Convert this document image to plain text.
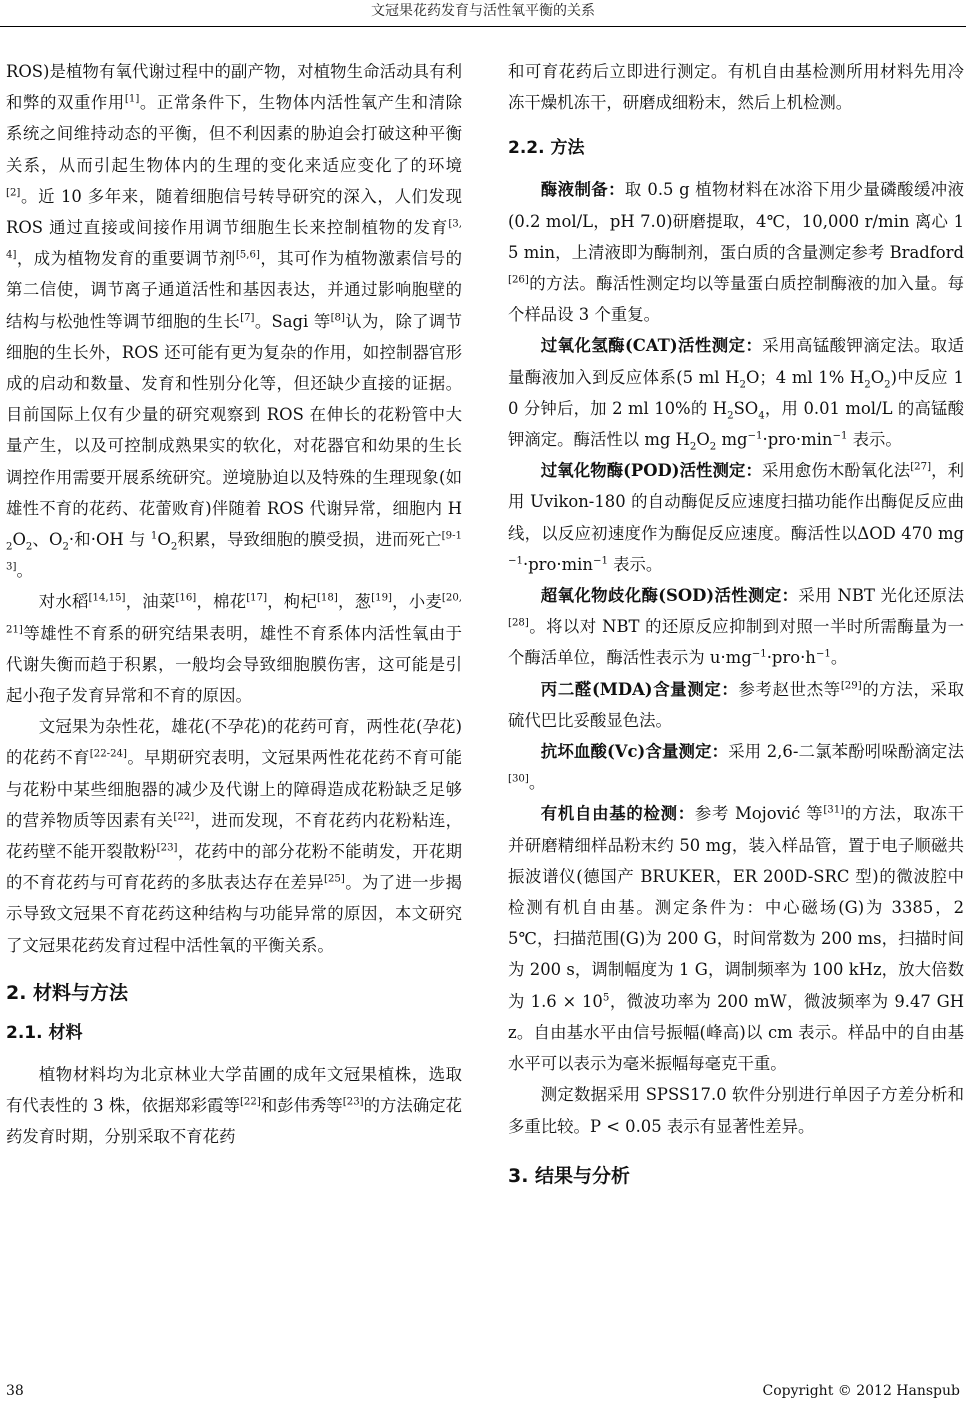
文冠果花药发育与活性氧平衡的关系

ROS)是植物有氧代谢过程中的副产物，对植物生命活动具有利和弊的双重作用[1]。正常条件下，生物体内活性氧产生和清除系统之间维持动态的平衡，但不利因素的胁迫会打破这种平衡关系，从而引起生物体内的生理的变化来适应变化了的环境[2]。近 10 多年来，随着细胞信号转导研究的深入，人们发现 ROS 通过直接或间接作用调节细胞生长来控制植物的发育[3,4]，成为植物发育的重要调节剂[5,6]，其可作为植物激素信号的第二信使，调节离子通道活性和基因表达，并通过影响胞壁的结构与松弛性等调节细胞的生长[7]。Sagi 等[8]认为，除了调节细胞的生长外，ROS 还可能有更为复杂的作用，如控制器官形成的启动和数量、发育和性别分化等，但还缺少直接的证据。目前国际上仅有少量的研究观察到 ROS 在伸长的花粉管中大量产生，以及可控制成熟果实的软化，对花器官和幼果的生长调控作用需要开展系统研究。逆境胁迫以及特殊的生理现象(如雄性不育的花药、花蕾败育)伴随着 ROS 代谢异常，细胞内 $H_2O_2$、$O_2\cdot$和·OH 与 $^1O_2$积累，导致细胞的膜受损，进而死亡[9-13]。

对水稻[14,15]，油菜[16]，棉花[17]，枸杞[18]，葱[19]，小麦[20,21]等雄性不育系的研究结果表明，雄性不育系体内活性氧由于代谢失衡而趋于积累，一般均会导致细胞膜伤害，这可能是引起小孢子发育异常和不育的原因。

文冠果为杂性花，雄花(不孕花)的花药可育，两性花(孕花)的花药不育[22-24]。早期研究表明，文冠果两性花花药不育可能与花粉中某些细胞器的减少及代谢上的障碍造成花粉缺乏足够的营养物质等因素有关[22]，进而发现，不育花药内花粉粘连，花药壁不能开裂散粉[23]，花药中的部分花粉不能萌发，开花期的不育花药与可育花药的多肽表达存在差异[25]。为了进一步揭示导致文冠果不育花药这种结构与功能异常的原因，本文研究了文冠果花药发育过程中活性氧的平衡关系。

2. 材料与方法
2.1. 材料

植物材料均为北京林业大学苗圃的成年文冠果植株，选取有代表性的 3 株，依据郑彩霞等[22]和彭伟秀等[23]的方法确定花药发育时期，分别采取不育花药

和可育花药后立即进行测定。有机自由基检测所用材料先用冷冻干燥机冻干，研磨成细粉末，然后上机检测。

2.2. 方法

酶液制备：取 0.5 g 植物材料在冰浴下用少量磷酸缓冲液(0.2 mol/L，pH 7.0)研磨提取，4℃，10,000 r/min 离心 15 min，上清液即为酶制剂，蛋白质的含量测定参考 Bradford[26]的方法。酶活性测定均以等量蛋白质控制酶液的加入量。每个样品设 3 个重复。

过氧化氢酶(CAT)活性测定：采用高锰酸钾滴定法。取适量酶液加入到反应体系(5 ml $H_2O$；4 ml 1% $H_2O_2$)中反应 10 分钟后，加 2 ml 10%的 $H_2SO_4$，用 0.01 mol/L 的高锰酸钾滴定。酶活性以 mg $H_2O_2$ $mg^{-1}\cdot pro\cdot\min^{-1}$ 表示。

过氧化物酶(POD)活性测定：采用愈伤木酚氧化法[27]，利用 Uvikon-180 的自动酶促反应速度扫描功能作出酶促反应曲线，以反应初速度作为酶促反应速度。酶活性以ΔOD 470 $mg^{-1}\cdot pro\cdot\min^{-1}$ 表示。

超氧化物歧化酶(SOD)活性测定：采用 NBT 光化还原法[28]。将以对 NBT 的还原反应抑制到对照一半时所需酶量为一个酶活单位，酶活性表示为 $u\cdot mg^{-1}\cdot pro\cdot h^{-1}$。

丙二醛(MDA)含量测定：参考赵世杰等[29]的方法，采取硫代巴比妥酸显色法。

抗坏血酸(Vc)含量测定：采用 2,6-二氯苯酚吲哚酚滴定法[30]。

有机自由基的检测：参考 Mojović 等[31]的方法，取冻干并研磨精细样品粉末约 50 mg，装入样品管，置于电子顺磁共振波谱仪(德国产 BRUKER，ER 200D-SRC 型)的微波腔中检测有机自由基。测定条件为：中心磁场(G)为 3385，25℃，扫描范围(G)为 200 G，时间常数为 200 ms，扫描时间为 200 s，调制幅度为 1 G，调制频率为 100 kHz，放大倍数为 $1.6 \times 10^5$，微波功率为 200 mW，微波频率为 9.47 GHz。自由基水平由信号振幅(峰高)以 cm 表示。样品中的自由基水平可以表示为毫米振幅每毫克干重。

测定数据采用 SPSS17.0 软件分别进行单因子方差分析和多重比较。P < 0.05 表示有显著性差异。

3. 结果与分析
38	Copyright © 2012 Hanspub
